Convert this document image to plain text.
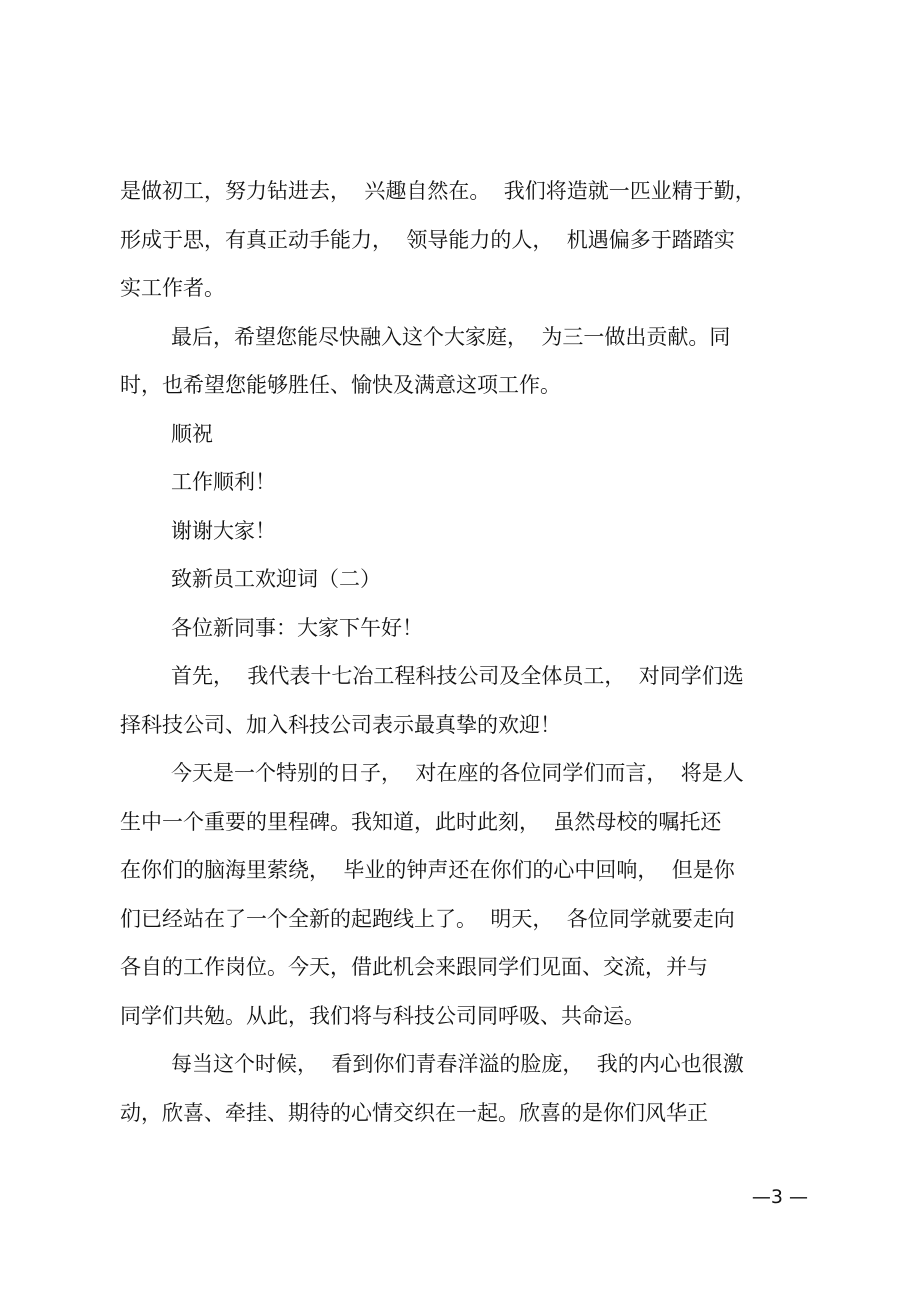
是做初工，努力钻进去，  兴趣自然在。  我们将造就一匹业精于勤，
形成于思，有真正动手能力，  领导能力的人，  机遇偏多于踏踏实
实工作者。
最后，希望您能尽快融入这个大家庭，  为三一做出贡献。同
时，也希望您能够胜任、愉快及满意这项工作。
顺祝
工作顺利！
谢谢大家！
致新员工欢迎词（二）
各位新同事：大家下午好！
首先，  我代表十七冶工程科技公司及全体员工，  对同学们选
择科技公司、加入科技公司表示最真挚的欢迎！
今天是一个特别的日子，  对在座的各位同学们而言，  将是人
生中一个重要的里程碑。我知道，此时此刻，  虽然母校的嘱托还
在你们的脑海里萦绕，  毕业的钟声还在你们的心中回响，  但是你
们已经站在了一个全新的起跑线上了。  明天，  各位同学就要走向
各自的工作岗位。今天，借此机会来跟同学们见面、交流，并与
同学们共勉。从此，我们将与科技公司同呼吸、共命运。
每当这个时候，  看到你们青春洋溢的脸庞，  我的内心也很激
动，欣喜、牵挂、期待的心情交织在一起。欣喜的是你们风华正
—3 —
